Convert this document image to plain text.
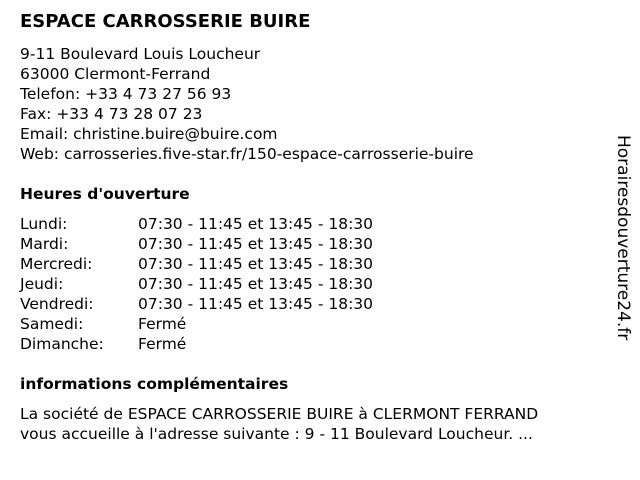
ESPACE CARROSSERIE BUIRE
9-11 Boulevard Louis Loucheur
63000 Clermont-Ferrand
Telefon: +33 4 73 27 56 93
Fax: +33 4 73 28 07 23
Email: christine.buire@buire.com
Web: carrosseries.five-star.fr/150-espace-carrosserie-buire
Heures d'ouverture
Lundi:	07:30 - 11:45 et 13:45 - 18:30
Mardi:	07:30 - 11:45 et 13:45 - 18:30
Mercredi:	07:30 - 11:45 et 13:45 - 18:30
Jeudi:	07:30 - 11:45 et 13:45 - 18:30
Vendredi:	07:30 - 11:45 et 13:45 - 18:30
Samedi:	Fermé
Dimanche: Fermé
informations complémentaires
La société de ESPACE CARROSSERIE BUIRE à CLERMONT FERRAND
vous accueille à l'adresse suivante : 9 - 11 Boulevard Loucheur. ...
Horairesdouverture24.fr
